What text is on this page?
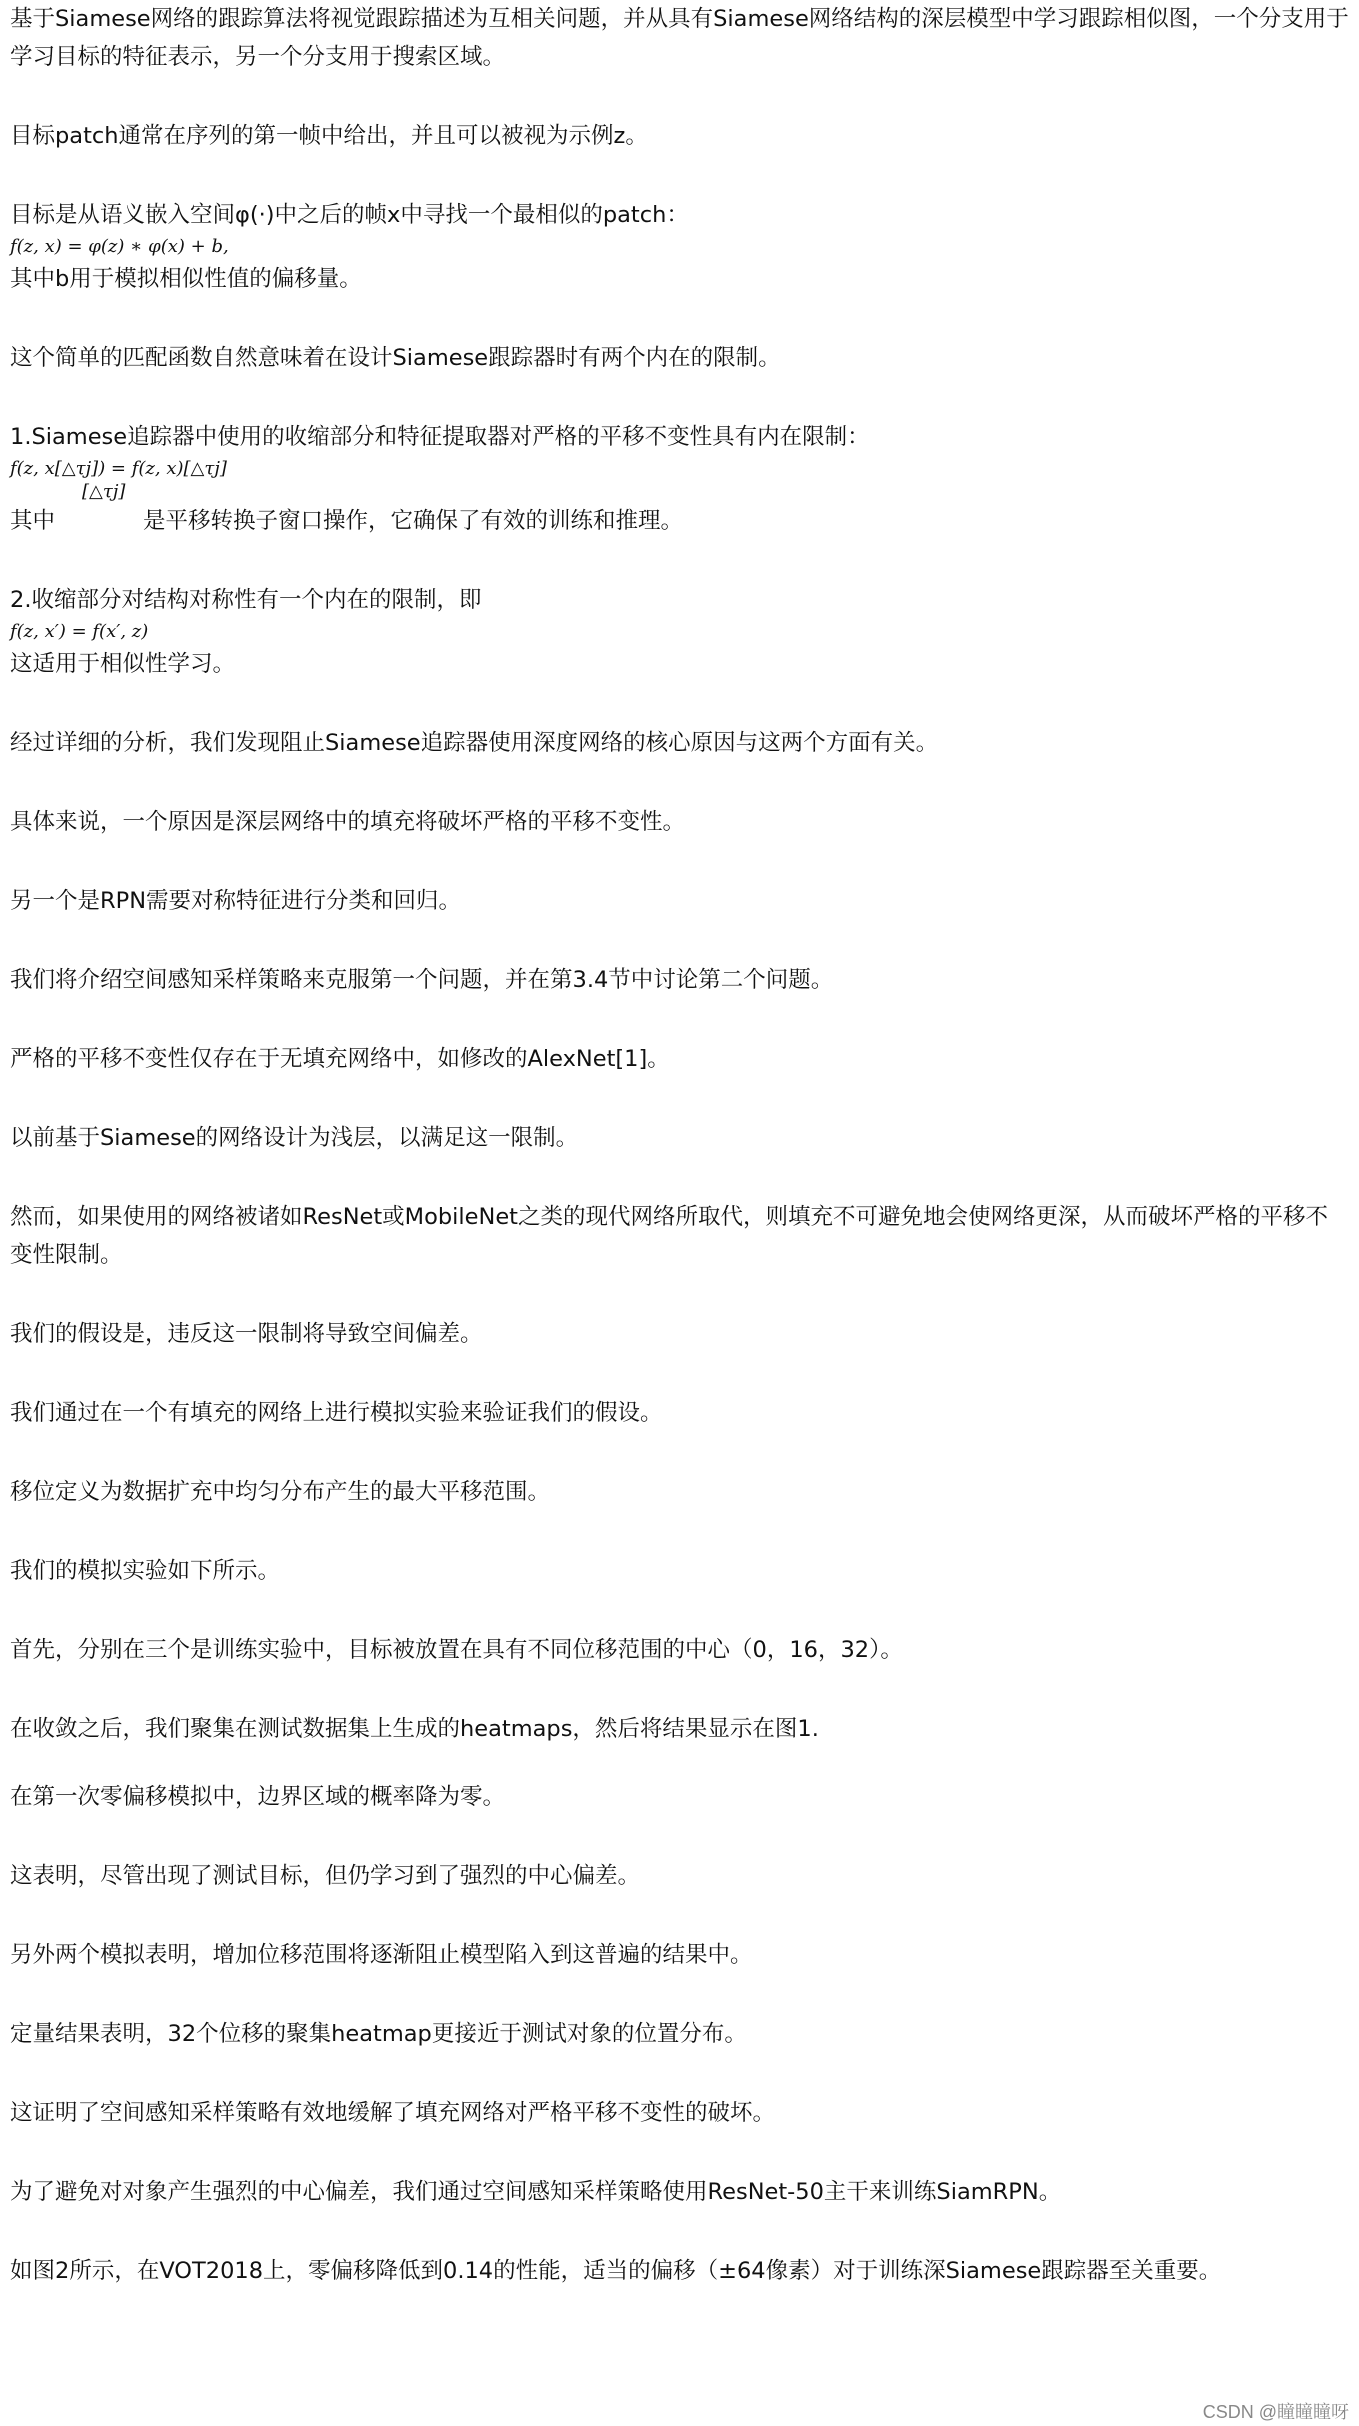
基于Siamese网络的跟踪算法将视觉跟踪描述为互相关问题，并从具有Siamese网络结构的深层模型中学习跟踪相似图，一个分支用于学习目标的特征表示，另一个分支用于搜索区域。

目标patch通常在序列的第一帧中给出，并且可以被视为示例z。

目标是从语义嵌入空间φ(·)中之后的帧x中寻找一个最相似的patch：

f(z, x) = φ(z) ∗ φ(x) + b,

其中b用于模拟相似性值的偏移量。

这个简单的匹配函数自然意味着在设计Siamese跟踪器时有两个内在的限制。

1.Siamese追踪器中使用的收缩部分和特征提取器对严格的平移不变性具有内在限制：

f(z, x[△τj]) = f(z, x)[△τj]

[△τj]

其中	是平移转换子窗口操作，它确保了有效的训练和推理。

2.收缩部分对结构对称性有一个内在的限制，即

f(z, x′) = f(x′, z)

这适用于相似性学习。

经过详细的分析，我们发现阻止Siamese追踪器使用深度网络的核心原因与这两个方面有关。

具体来说，一个原因是深层网络中的填充将破坏严格的平移不变性。

另一个是RPN需要对称特征进行分类和回归。

我们将介绍空间感知采样策略来克服第一个问题，并在第3.4节中讨论第二个问题。

严格的平移不变性仅存在于无填充网络中，如修改的AlexNet[1]。

以前基于Siamese的网络设计为浅层，以满足这一限制。

然而，如果使用的网络被诸如ResNet或MobileNet之类的现代网络所取代，则填充不可避免地会使网络更深，从而破坏严格的平移不变性限制。

我们的假设是，违反这一限制将导致空间偏差。

我们通过在一个有填充的网络上进行模拟实验来验证我们的假设。

移位定义为数据扩充中均匀分布产生的最大平移范围。

我们的模拟实验如下所示。

首先，分别在三个是训练实验中，目标被放置在具有不同位移范围的中心（0，16，32）。

在收敛之后，我们聚集在测试数据集上生成的heatmaps，然后将结果显示在图1.

在第一次零偏移模拟中，边界区域的概率降为零。

这表明，尽管出现了测试目标，但仍学习到了强烈的中心偏差。

另外两个模拟表明，增加位移范围将逐渐阻止模型陷入到这普遍的结果中。

定量结果表明，32个位移的聚集heatmap更接近于测试对象的位置分布。

这证明了空间感知采样策略有效地缓解了填充网络对严格平移不变性的破坏。

为了避免对对象产生强烈的中心偏差，我们通过空间感知采样策略使用ResNet-50主干来训练SiamRPN。

如图2所示，在VOT2018上，零偏移降低到0.14的性能，适当的偏移（±64像素）对于训练深Siamese跟踪器至关重要。

CSDN @瞳瞳瞳呀
